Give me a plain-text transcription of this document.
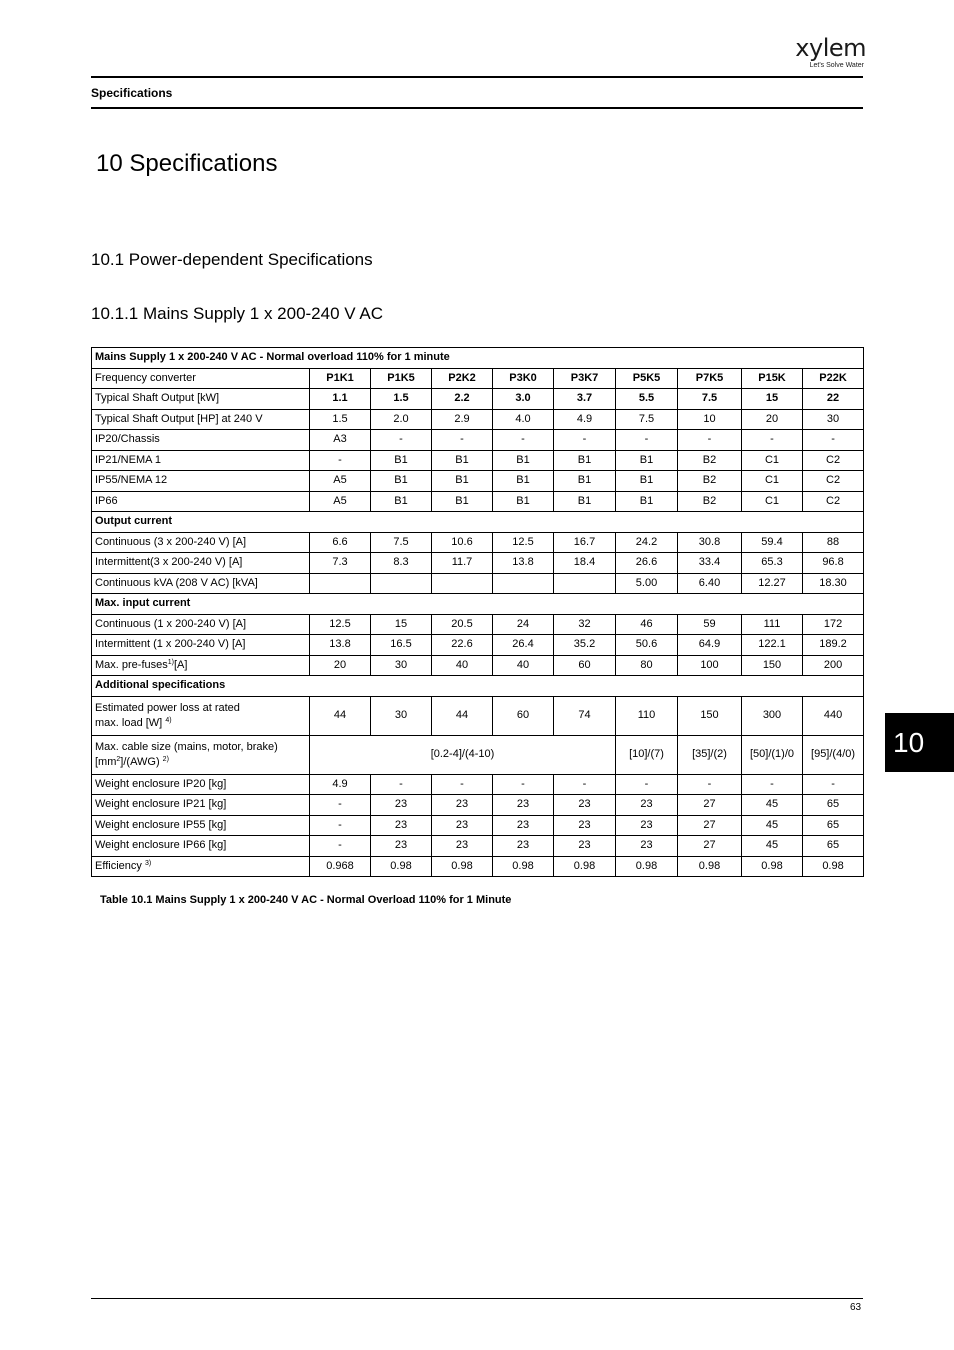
xylem
Let's Solve Water
Specifications
10 Specifications
10.1 Power-dependent Specifications
10.1.1 Mains Supply 1 x 200-240 V AC
Mains Supply 1 x 200-240 V AC - Normal overload 110% for 1 minute									
Frequency converter	P1K1	P1K5	P2K2	P3K0	P3K7	P5K5	P7K5	P15K	P22K
Typical Shaft Output [kW]	1.1	1.5	2.2	3.0	3.7	5.5	7.5	15	22
Typical Shaft Output [HP] at 240 V	1.5	2.0	2.9	4.0	4.9	7.5	10	20	30
IP20/Chassis	A3	-	-	-	-	-	-	-	-
IP21/NEMA 1	-	B1	B1	B1	B1	B1	B2	C1	C2
IP55/NEMA 12	A5	B1	B1	B1	B1	B1	B2	C1	C2
IP66	A5	B1	B1	B1	B1	B1	B2	C1	C2
Output current									
Continuous (3 x 200-240 V) [A]	6.6	7.5	10.6	12.5	16.7	24.2	30.8	59.4	88
Intermittent(3 x 200-240 V) [A]	7.3	8.3	11.7	13.8	18.4	26.6	33.4	65.3	96.8
Continuous kVA (208 V AC) [kVA]						5.00	6.40	12.27	18.30
Max. input current									
Continuous (1 x 200-240 V) [A]	12.5	15	20.5	24	32	46	59	111	172
Intermittent (1 x 200-240 V) [A]	13.8	16.5	22.6	26.4	35.2	50.6	64.9	122.1	189.2
Max. pre-fuses$^{1)}$[A]	20	30	40	40	60	80	100	150	200
Additional specifications									

Estimated power loss at rated
max. load [W] $^{4)}$	44	30	44	60	74	110	150	300	440

Max. cable size (mains, motor, brake)
$[mm^2]/(AWG)$ $^{2)}$	[0.2-4]/(4-10)					[10]/(7)	[35]/(2)	[50]/(1)/0	[95]/(4/0)
Weight enclosure IP20 [kg]	4.9	-	-	-	-	-	-	-	-
Weight enclosure IP21 [kg]	-	23	23	23	23	23	27	45	65
Weight enclosure IP55 [kg]	-	23	23	23	23	23	27	45	65
Weight enclosure IP66 [kg]	-	23	23	23	23	23	27	45	65
Efficiency $^{3)}$	0.968	0.98	0.98	0.98	0.98	0.98	0.98	0.98	0.98
Table 10.1 Mains Supply 1 x 200-240 V AC - Normal Overload 110% for 1 Minute
10
63
